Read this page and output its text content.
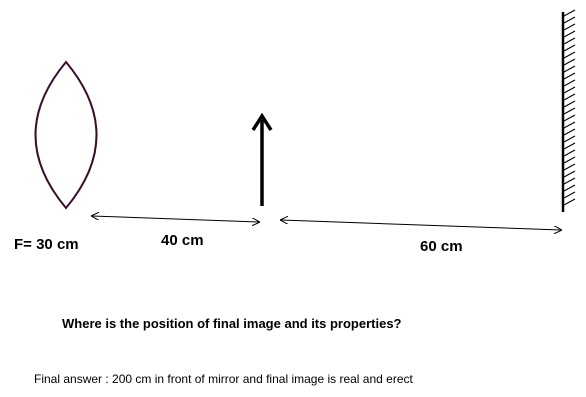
F= 30 cm	40 cm	60 cm
Where is the position of final image and its properties?
Final answer : 200 cm in front of mirror and final image is real and erect
